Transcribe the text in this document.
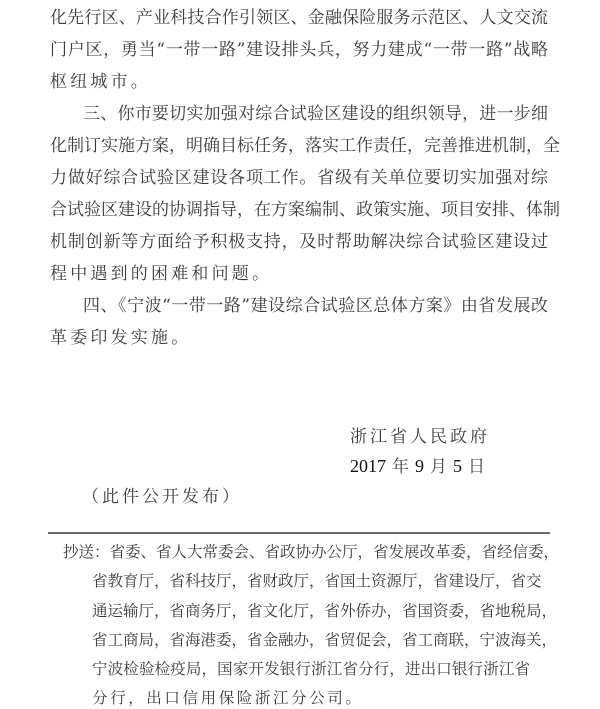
化先行区、产业科技合作引领区、金融保险服务示范区、人文交流
门户区，勇当“一带一路”建设排头兵，努力建成“一带一路”战略
枢纽城市。
三、你市要切实加强对综合试验区建设的组织领导，进一步细
化制订实施方案，明确目标任务，落实工作责任，完善推进机制，全
力做好综合试验区建设各项工作。省级有关单位要切实加强对综
合试验区建设的协调指导，在方案编制、政策实施、项目安排、体制
机制创新等方面给予积极支持，及时帮助解决综合试验区建设过
程中遇到的困难和问题。
四、《宁波“一带一路”建设综合试验区总体方案》由省发展改
革委印发实施。
浙江省人民政府
2017 年 9 月 5 日
（此件公开发布）
抄送：省委、省人大常委会、省政协办公厅，省发展改革委，省经信委，
省教育厅，省科技厅，省财政厅，省国土资源厅，省建设厅，省交
通运输厅，省商务厅，省文化厅，省外侨办，省国资委，省地税局，
省工商局，省海港委，省金融办，省贸促会，省工商联，宁波海关，
宁波检验检疫局，国家开发银行浙江省分行，进出口银行浙江省
分行，出口信用保险浙江分公司。
